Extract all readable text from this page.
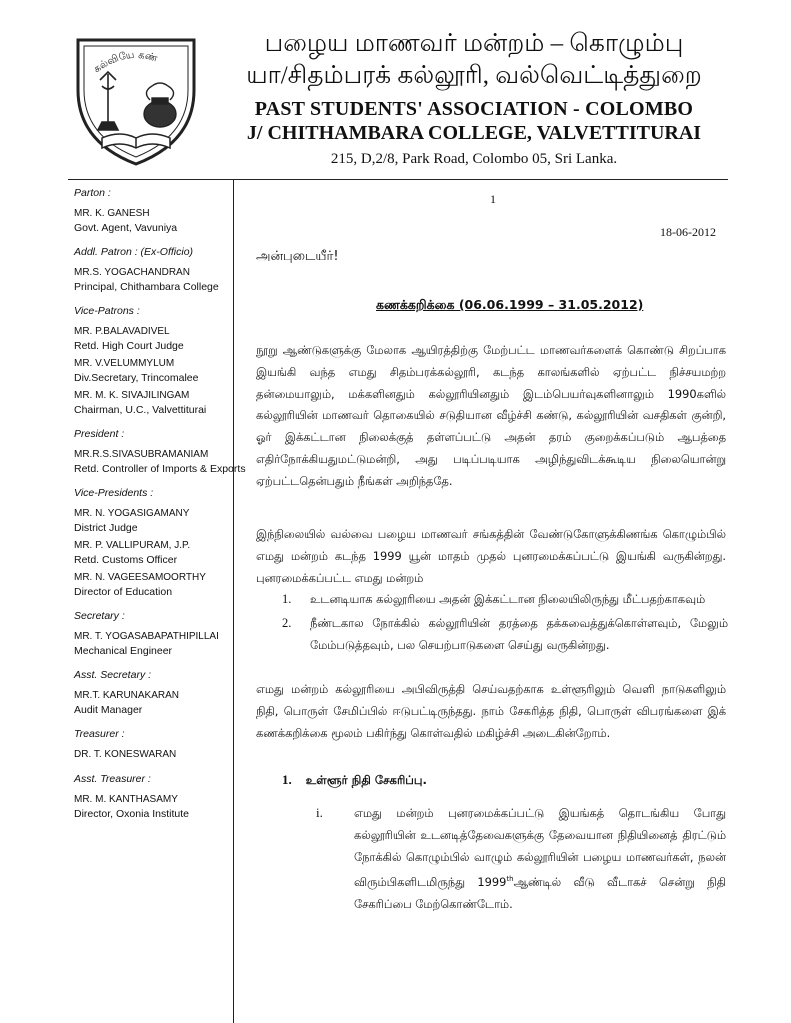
கல்வியே கண்
பழைய மாணவர் மன்றம் – கொழும்பு
யா/சிதம்பரக் கல்லூரி, வல்வெட்டித்துறை
PAST STUDENTS' ASSOCIATION - COLOMBO
J/ CHITHAMBARA COLLEGE, VALVETTITURAI
215, D,2/8, Park Road, Colombo 05, Sri Lanka.
Parton :
MR. K. GANESH
Govt. Agent, Vavuniya
Addl. Patron : (Ex-Officio)
MR.S. YOGACHANDRAN
Principal, Chithambara College
Vice-Patrons :
MR. P.BALAVADIVEL
Retd. High Court Judge
MR. V.VELUMMYLUM
Div.Secretary, Trincomalee
MR. M. K. SIVAJILINGAM
Chairman, U.C., Valvettiturai
President :
MR.R.S.SIVASUBRAMANIAM
Retd. Controller of Imports & Exports
Vice-Presidents :
MR. N. YOGASIGAMANY
District Judge
MR. P. VALLIPURAM, J.P.
Retd. Customs Officer
MR. N. VAGEESAMOORTHY
Director of Education
Secretary :
MR. T. YOGASABAPATHIPILLAI
Mechanical Engineer
Asst. Secretary :
MR.T. KARUNAKARAN
Audit Manager
Treasurer :
DR. T. KONESWARAN
Asst. Treasurer :
MR. M. KANTHASAMY
Director, Oxonia Institute
1
18-06-2012
அன்புடையீர்!
கணக்கறிக்கை (06.06.1999 – 31.05.2012)
நூறு ஆண்டுகளுக்கு மேலாக ஆயிரத்திற்கு மேற்பட்ட மாணவர்களைக் கொண்டு சிறப்பாக இயங்கி வந்த எமது சிதம்பரக்கல்லூரி, கடந்த காலங்களில் ஏற்பட்ட நிச்சயமற்ற தன்மையாலும், மக்களினதும் கல்லூரியினதும் இடம்பெயர்வுகளினாலும் 1990களில் கல்லூரியின் மாணவர் தொகையில் சடுதியான வீழ்ச்சி கண்டு, கல்லூரியின் வசதிகள் குன்றி, ஓர் இக்கட்டான நிலைக்குத் தள்ளப்பட்டு அதன் தரம் குறைக்கப்படும் ஆபத்தை எதிர்நோக்கியதுமட்டுமன்றி, அது படிப்படியாக அழிந்துவிடக்கூடிய நிலையொன்று ஏற்பட்டதென்பதும் நீங்கள் அறிந்ததே.
இந்நிலையில் வல்வை பழைய மாணவர் சங்கத்தின் வேண்டுகோளுக்கிணங்க கொழும்பில் எமது மன்றம் கடந்த 1999 யூன் மாதம் முதல் புனரமைக்கப்பட்டு இயங்கி வருகின்றது. புனரமைக்கப்பட்ட எமது மன்றம்
1.	உடனடியாக கல்லூரியை அதன் இக்கட்டான நிலையிலிருந்து மீட்பதற்காகவும்
2.	நீண்டகால நோக்கில் கல்லூரியின் தரத்தை தக்கவைத்துக்கொள்ளவும், மேலும் மேம்படுத்தவும், பல செயற்பாடுகளை செய்து வருகின்றது.
எமது மன்றம் கல்லூரியை அபிவிருத்தி செய்வதற்காக உள்ளூரிலும் வெளி நாடுகளிலும் நிதி, பொருள் சேமிப்பில் ஈடுபட்டிருந்தது. நாம் சேகரித்த நிதி, பொருள் விபரங்களை இக் கணக்கறிக்கை மூலம் பகிர்ந்து கொள்வதில் மகிழ்ச்சி அடைகின்றோம்.
1. உள்ளூர் நிதி சேகரிப்பு.
i.	எமது மன்றம் புனரமைக்கப்பட்டு இயங்கத் தொடங்கிய போது கல்லூரியின் உடனடித்தேவைகளுக்கு தேவையான நிதியினைத் திரட்டும் நோக்கில் கொழும்பில் வாழும் கல்லூரியின் பழைய மாணவர்கள், நலன் விரும்பிகளிடமிருந்து 1999thஆண்டில் வீடு வீடாகச் சென்று நிதி சேகரிப்பை மேற்கொண்டோம்.
